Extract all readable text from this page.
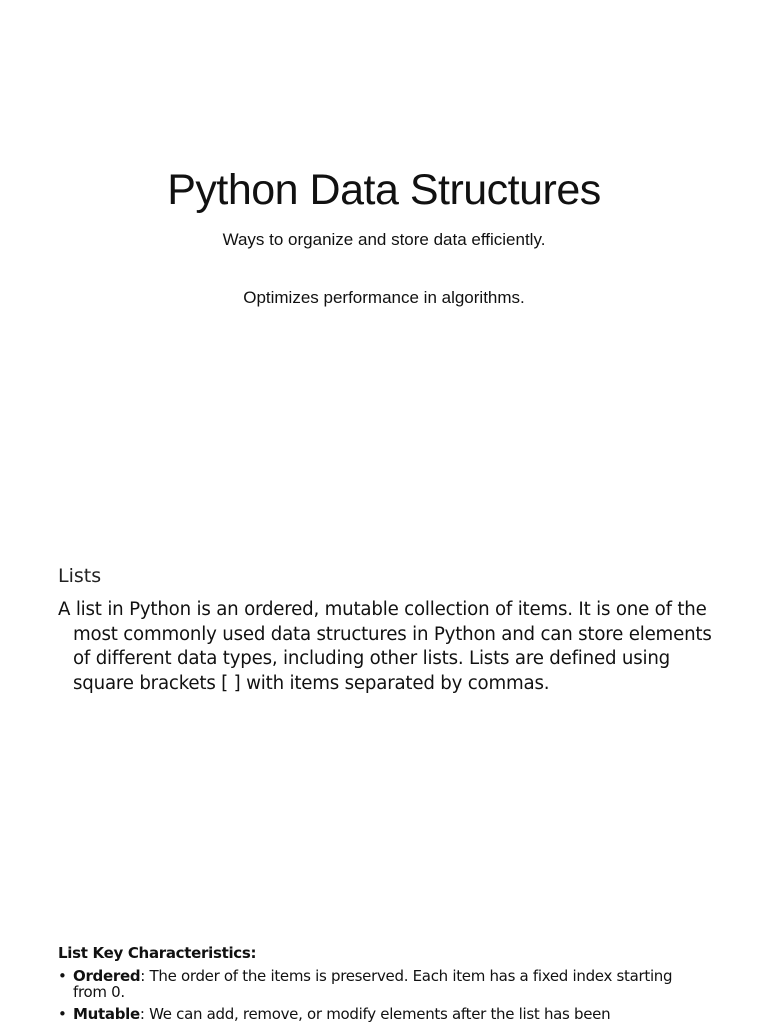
Python Data Structures
Ways to organize and store data efficiently.
Optimizes performance in algorithms.
Lists
A list in Python is an ordered, mutable collection of items. It is one of the most commonly used data structures in Python and can store elements of different data types, including other lists. Lists are defined using square brackets [ ] with items separated by commas.
List Key Characteristics:
• Ordered: The order of the items is preserved. Each item has a fixed index starting from 0.
• Mutable: We can add, remove, or modify elements after the list has been
